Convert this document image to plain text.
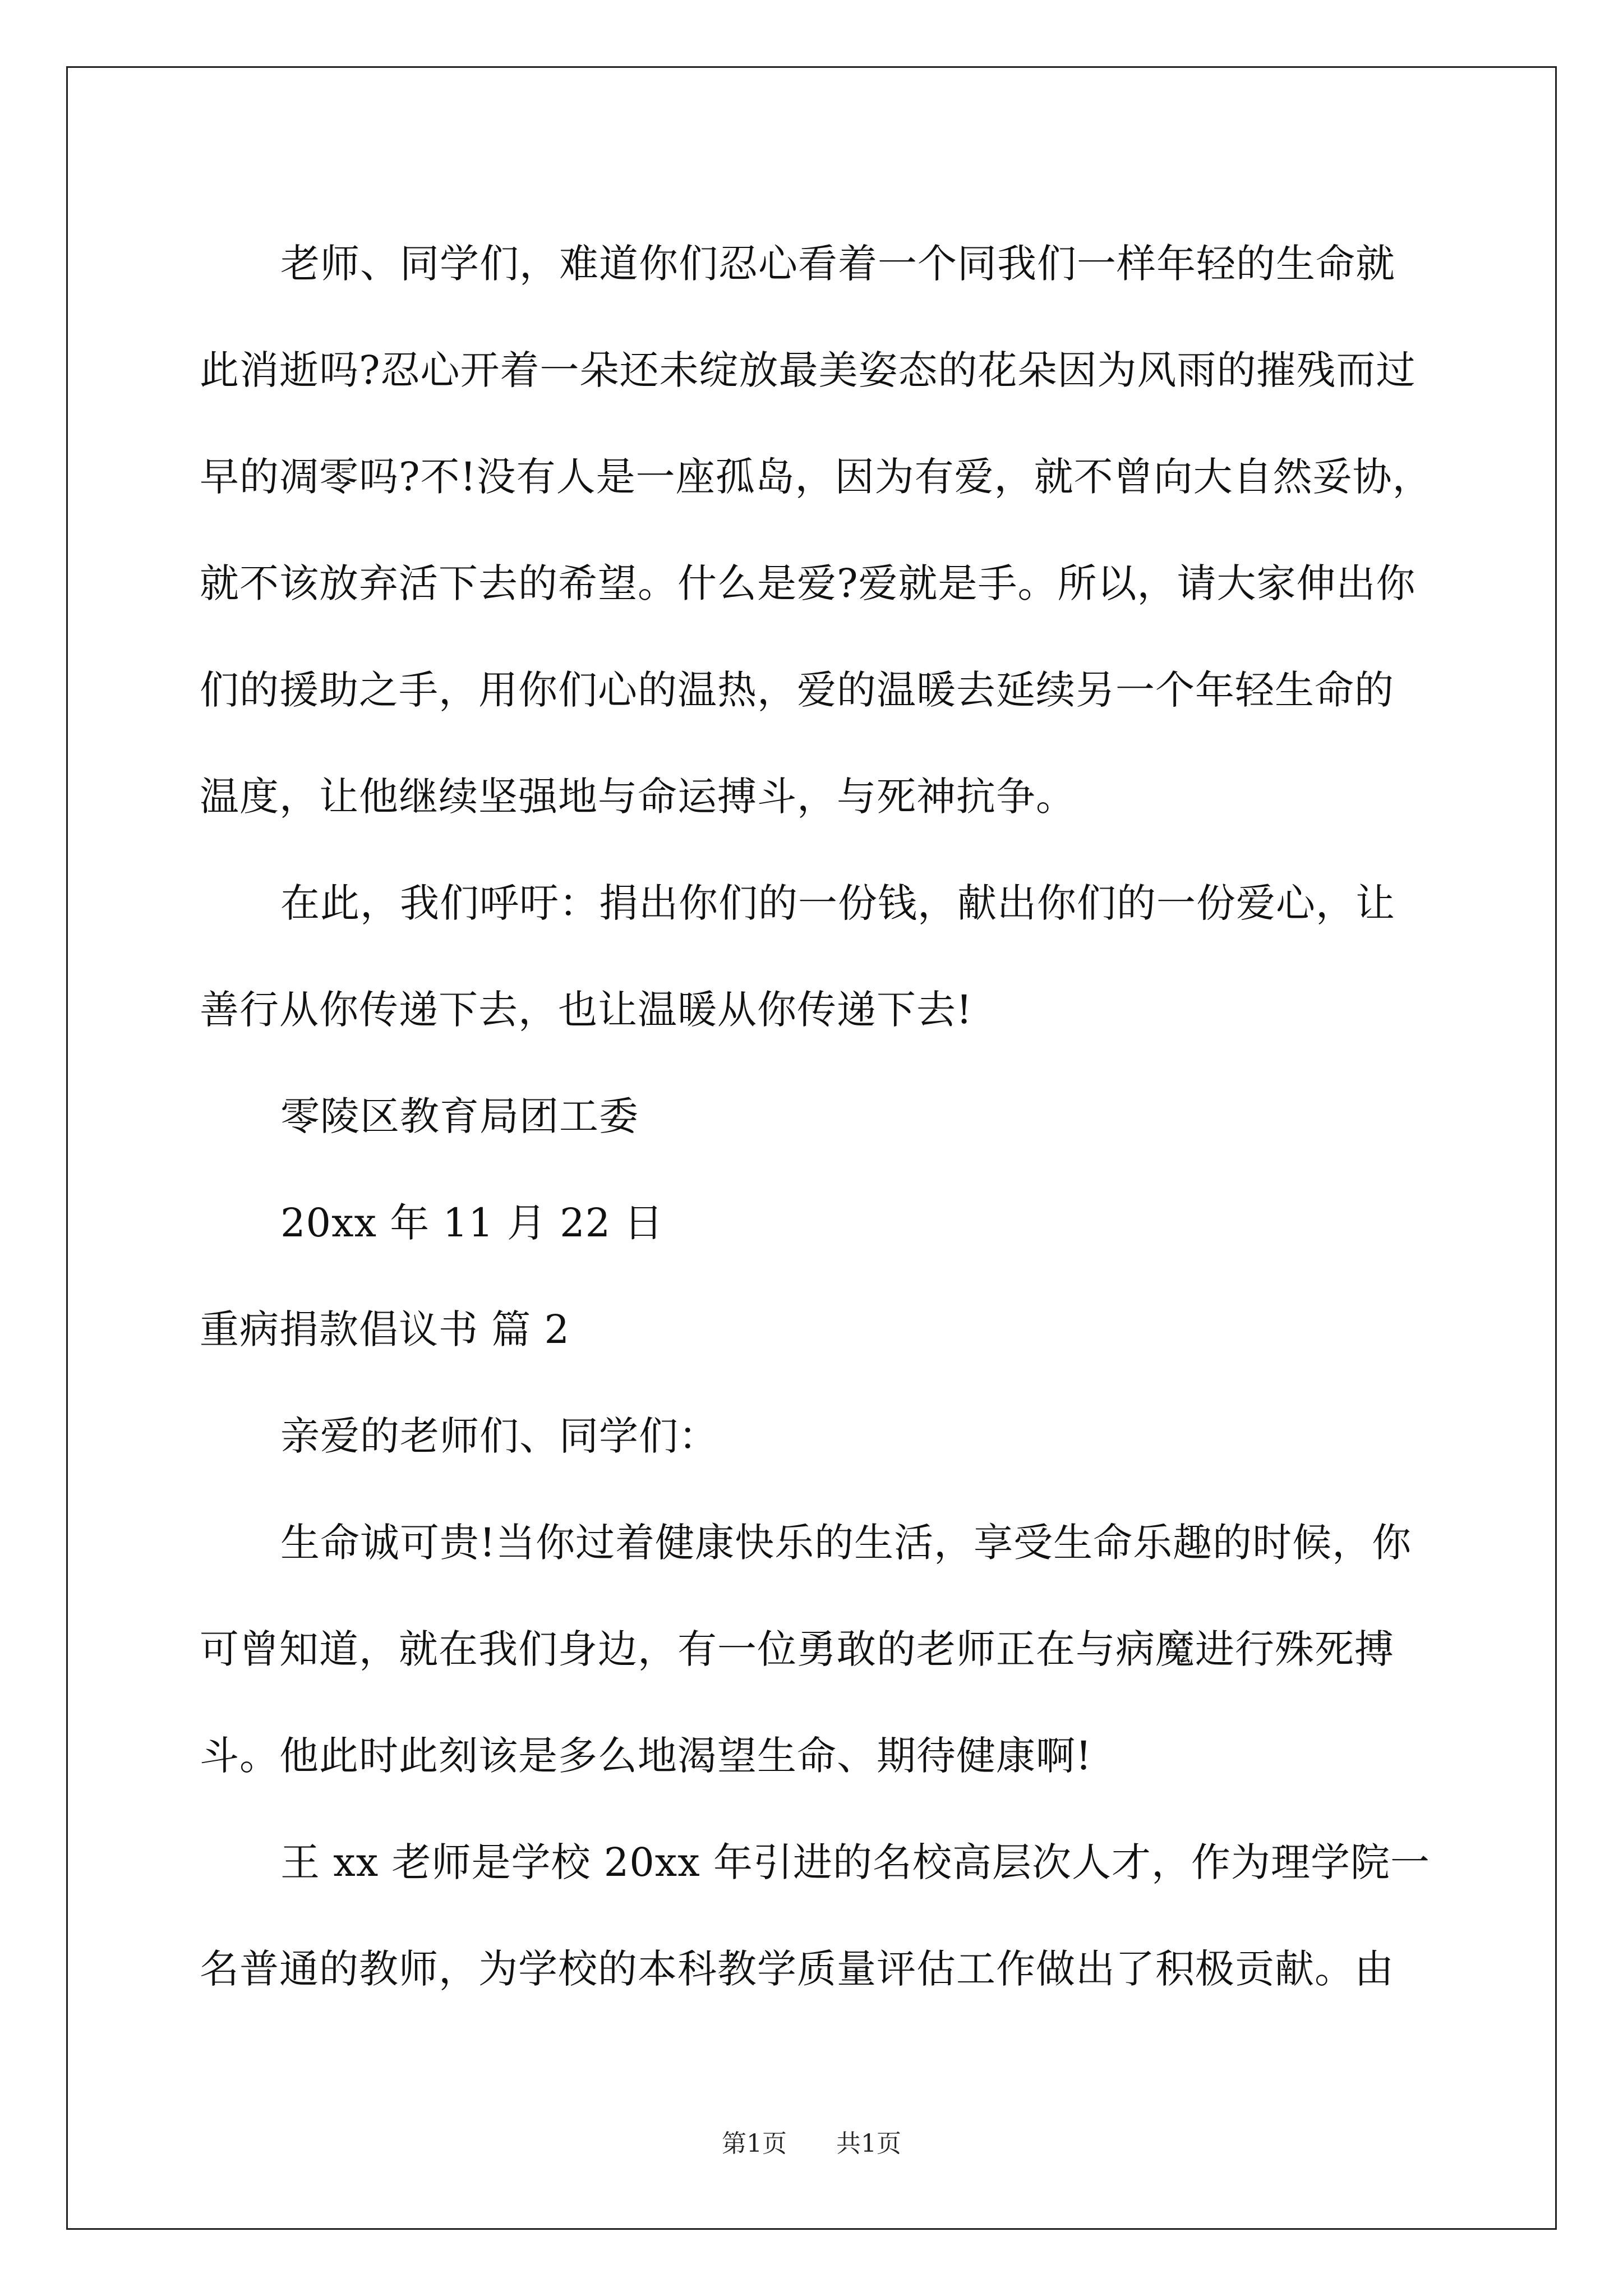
老师、同学们，难道你们忍心看着一个同我们一样年轻的生命就此消逝吗?忍心开着一朵还未绽放最美姿态的花朵因为风雨的摧残而过早的凋零吗?不!没有人是一座孤岛，因为有爱，就不曾向大自然妥协，就不该放弃活下去的希望。什么是爱?爱就是手。所以，请大家伸出你们的援助之手，用你们心的温热，爱的温暖去延续另一个年轻生命的温度，让他继续坚强地与命运搏斗，与死神抗争。

在此，我们呼吁：捐出你们的一份钱，献出你们的一份爱心，让善行从你传递下去，也让温暖从你传递下去!

零陵区教育局团工委

20xx 年 11 月 22 日

重病捐款倡议书 篇 2

亲爱的老师们、同学们：

生命诚可贵!当你过着健康快乐的生活，享受生命乐趣的时候，你可曾知道，就在我们身边，有一位勇敢的老师正在与病魔进行殊死搏斗。他此时此刻该是多么地渴望生命、期待健康啊!

王 xx 老师是学校 20xx 年引进的名校高层次人才，作为理学院一名普通的教师，为学校的本科教学质量评估工作做出了积极贡献。由

第1页 共1页
